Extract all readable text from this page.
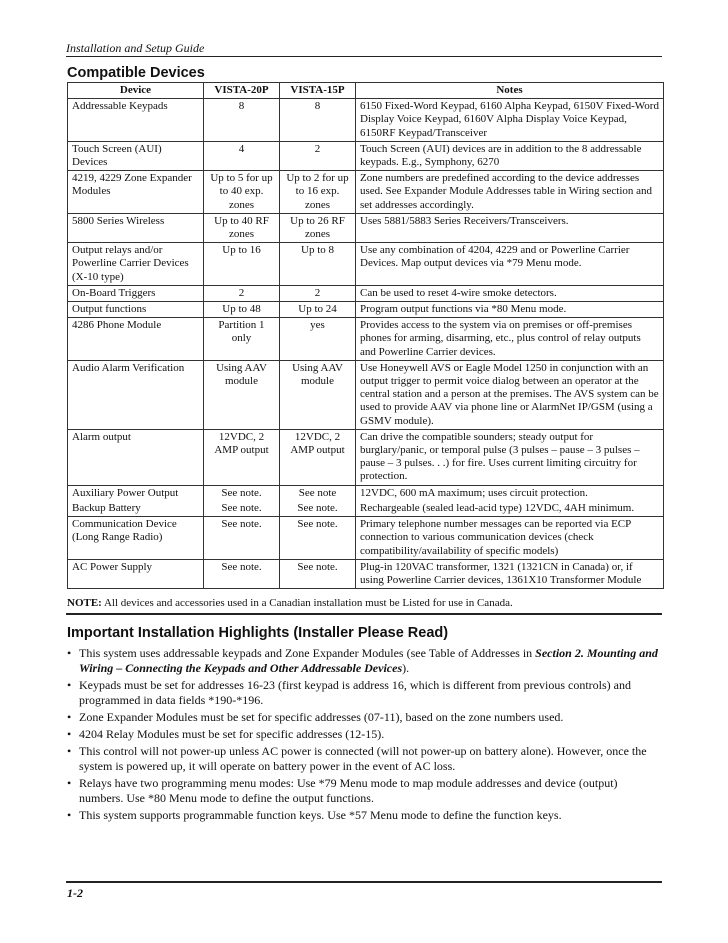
Installation and Setup Guide
Compatible Devices
Device	VISTA-20P	VISTA-15P	Notes
Addressable Keypads	8	8	6150 Fixed-Word Keypad, 6160 Alpha Keypad, 6150V Fixed-Word Display Voice Keypad, 6160V Alpha Display Voice Keypad, 6150RF Keypad/Transceiver
Touch Screen (AUI) Devices	4	2	Touch Screen (AUI) devices are in addition to the 8 addressable keypads. E.g., Symphony, 6270
4219, 4229 Zone Expander Modules	Up to 5 for up to 40 exp. zones	Up to 2 for up to 16 exp. zones	Zone numbers are predefined according to the device addresses used. See Expander Module Addresses table in Wiring section and set addresses accordingly.
5800 Series Wireless	Up to 40 RF zones	Up to 26 RF zones	Uses 5881/5883 Series Receivers/Transceivers.
Output relays and/or Powerline Carrier Devices (X-10 type)	Up to 16	Up to 8	Use any combination of 4204, 4229 and or Powerline Carrier Devices. Map output devices via *79 Menu mode.
On-Board Triggers	2	2	Can be used to reset 4-wire smoke detectors.
Output functions	Up to 48	Up to 24	Program output functions via *80 Menu mode.
4286 Phone Module	Partition 1 only	yes	Provides access to the system via on premises or off-premises phones for arming, disarming, etc., plus control of relay outputs and Powerline Carrier devices.
Audio Alarm Verification	Using AAV module	Using AAV module	Use Honeywell AVS or Eagle Model 1250 in conjunction with an output trigger to permit voice dialog between an operator at the central station and a person at the premises. The AVS system can be used to provide AAV via phone line or AlarmNet IP/GSM (using a GSMV module).
Alarm output	12VDC, 2 AMP output	12VDC, 2 AMP output	Can drive the compatible sounders; steady output for burglary/panic, or temporal pulse (3 pulses – pause – 3 pulses – pause – 3 pulses. . .) for fire. Uses current limiting circuitry for protection.
Auxiliary Power Output	See note.	See note	12VDC, 600 mA maximum; uses circuit protection.
Backup Battery	See note.	See note.	Rechargeable (sealed lead-acid type) 12VDC, 4AH minimum.
Communication Device (Long Range Radio)	See note.	See note.	Primary telephone number messages can be reported via ECP connection to various communication devices (check compatibility/availability of specific models)
AC Power Supply	See note.	See note.	Plug-in 120VAC transformer, 1321 (1321CN in Canada) or, if using Powerline Carrier devices, 1361X10 Transformer Module
NOTE: All devices and accessories used in a Canadian installation must be Listed for use in Canada.
Important Installation Highlights (Installer Please Read)
• This system uses addressable keypads and Zone Expander Modules (see Table of Addresses in Section 2. Mounting and Wiring – Connecting the Keypads and Other Addressable Devices).
• Keypads must be set for addresses 16-23 (first keypad is address 16, which is different from previous controls) and programmed in data fields *190-*196.
• Zone Expander Modules must be set for specific addresses (07-11), based on the zone numbers used.
• 4204 Relay Modules must be set for specific addresses (12-15).
• This control will not power-up unless AC power is connected (will not power-up on battery alone). However, once the system is powered up, it will operate on battery power in the event of AC loss.
• Relays have two programming menu modes: Use *79 Menu mode to map module addresses and device (output) numbers. Use *80 Menu mode to define the output functions.
• This system supports programmable function keys. Use *57 Menu mode to define the function keys.
1-2
